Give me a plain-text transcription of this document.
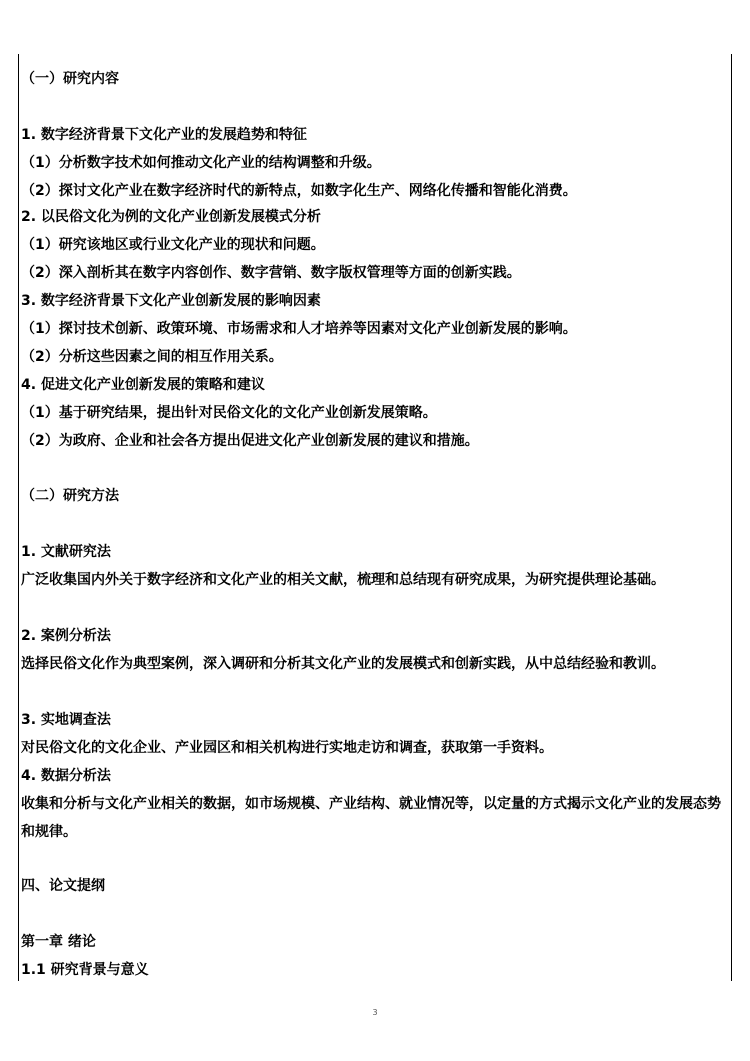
（一）研究内容
1. 数字经济背景下文化产业的发展趋势和特征
（1）分析数字技术如何推动文化产业的结构调整和升级。
（2）探讨文化产业在数字经济时代的新特点，如数字化生产、网络化传播和智能化消费。
2. 以民俗文化为例的文化产业创新发展模式分析
（1）研究该地区或行业文化产业的现状和问题。
（2）深入剖析其在数字内容创作、数字营销、数字版权管理等方面的创新实践。
3. 数字经济背景下文化产业创新发展的影响因素
（1）探讨技术创新、政策环境、市场需求和人才培养等因素对文化产业创新发展的影响。
（2）分析这些因素之间的相互作用关系。
4. 促进文化产业创新发展的策略和建议
（1）基于研究结果，提出针对民俗文化的文化产业创新发展策略。
（2）为政府、企业和社会各方提出促进文化产业创新发展的建议和措施。
（二）研究方法
1. 文献研究法
广泛收集国内外关于数字经济和文化产业的相关文献，梳理和总结现有研究成果，为研究提供理论基础。
2. 案例分析法
选择民俗文化作为典型案例，深入调研和分析其文化产业的发展模式和创新实践，从中总结经验和教训。
3. 实地调查法
对民俗文化的文化企业、产业园区和相关机构进行实地走访和调查，获取第一手资料。
4. 数据分析法
收集和分析与文化产业相关的数据，如市场规模、产业结构、就业情况等，以定量的方式揭示文化产业的发展态势和规律。
四、论文提纲
第一章 绪论
1.1 研究背景与意义
3
